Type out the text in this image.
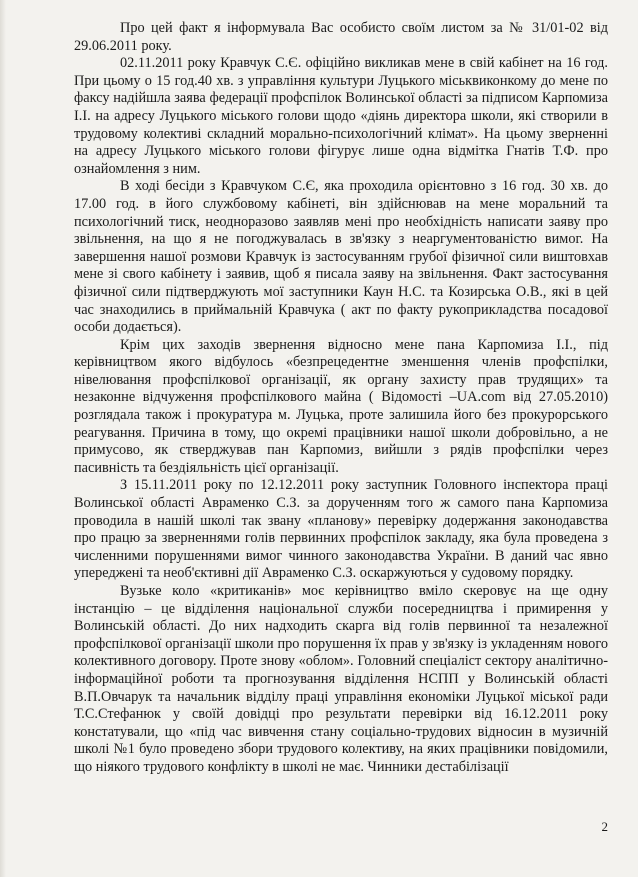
Про цей факт я інформувала Вас особисто своїм листом за № 31/01-02 від 29.06.2011 року.

02.11.2011 року Кравчук С.Є. офіційно викликав мене в свій кабінет на 16 год. При цьому о 15 год.40 хв. з управління культури Луцького міськвиконкому до мене по факсу надійшла заява федерації профспілок Волинської області за підписом Карпомиза І.І. на адресу Луцького міського голови щодо «діянь директора школи, які створили в трудовому колективі складний морально-психологічний клімат». На цьому зверненні на адресу Луцького міського голови фігурує лише одна відмітка Гнатів Т.Ф. про ознайомлення з ним.

В ході бесіди з Кравчуком С.Є, яка проходила орієнтовно з 16 год. 30 хв. до 17.00 год. в його службовому кабінеті, він здійснював на мене моральний та психологічний тиск, неодноразово заявляв мені про необхідність написати заяву про звільнення, на що я не погоджувалась в зв'язку з неаргументованістю вимог. На завершення нашої розмови Кравчук із застосуванням грубої фізичної сили виштовхав мене зі свого кабінету і заявив, щоб я писала заяву на звільнення. Факт застосування фізичної сили підтверджують мої заступники Каун Н.С. та Козирська О.В., які в цей час знаходились в приймальній Кравчука ( акт по факту рукоприкладства посадової особи додається).

Крім цих заходів звернення відносно мене пана Карпомиза І.І., під керівництвом якого відбулось «безпрецедентне зменшення членів профспілки, нівелювання профспілкової організації, як органу захисту прав трудящих» та незаконне відчуження профспілкового майна ( Відомості –UA.com від 27.05.2010) розглядала також і прокуратура м. Луцька, проте залишила його без прокурорського реагування. Причина в тому, що окремі працівники нашої школи добровільно, а не примусово, як стверджував пан Карпомиз, вийшли з рядів профспілки через пасивність та бездіяльність цієї організації.

З 15.11.2011 року по 12.12.2011 року заступник Головного інспектора праці Волинської області Авраменко С.З. за дорученням того ж самого пана Карпомиза проводила в нашій школі так звану «планову» перевірку додержання законодавства про працю за зверненнями голів первинних профспілок закладу, яка була проведена з численними порушеннями вимог чинного законодавства України. В даний час явно упереджені та необ'єктивні дії Авраменко С.З. оскаржуються у судовому порядку.

Вузьке коло «критиканів» моє керівництво вміло скеровує на ще одну інстанцію – це відділення національної служби посередництва і примирення у Волинській області. До них надходить скарга від голів первинної та незалежної профспілкової організації школи про порушення їх прав у зв'язку із укладенням нового колективного договору. Проте знову «облом». Головний спеціаліст сектору аналітично-інформаційної роботи та прогнозування відділення НСПП у Волинській області В.П.Овчарук та начальник відділу праці управління економіки Луцької міської ради Т.С.Стефанюк у своїй довідці про результати перевірки від 16.12.2011 року констатували, що «під час вивчення стану соціально-трудових відносин в музичній школі №1 було проведено збори трудового колективу, на яких працівники повідомили, що ніякого трудового конфлікту в школі не має. Чинники дестабілізації

2
